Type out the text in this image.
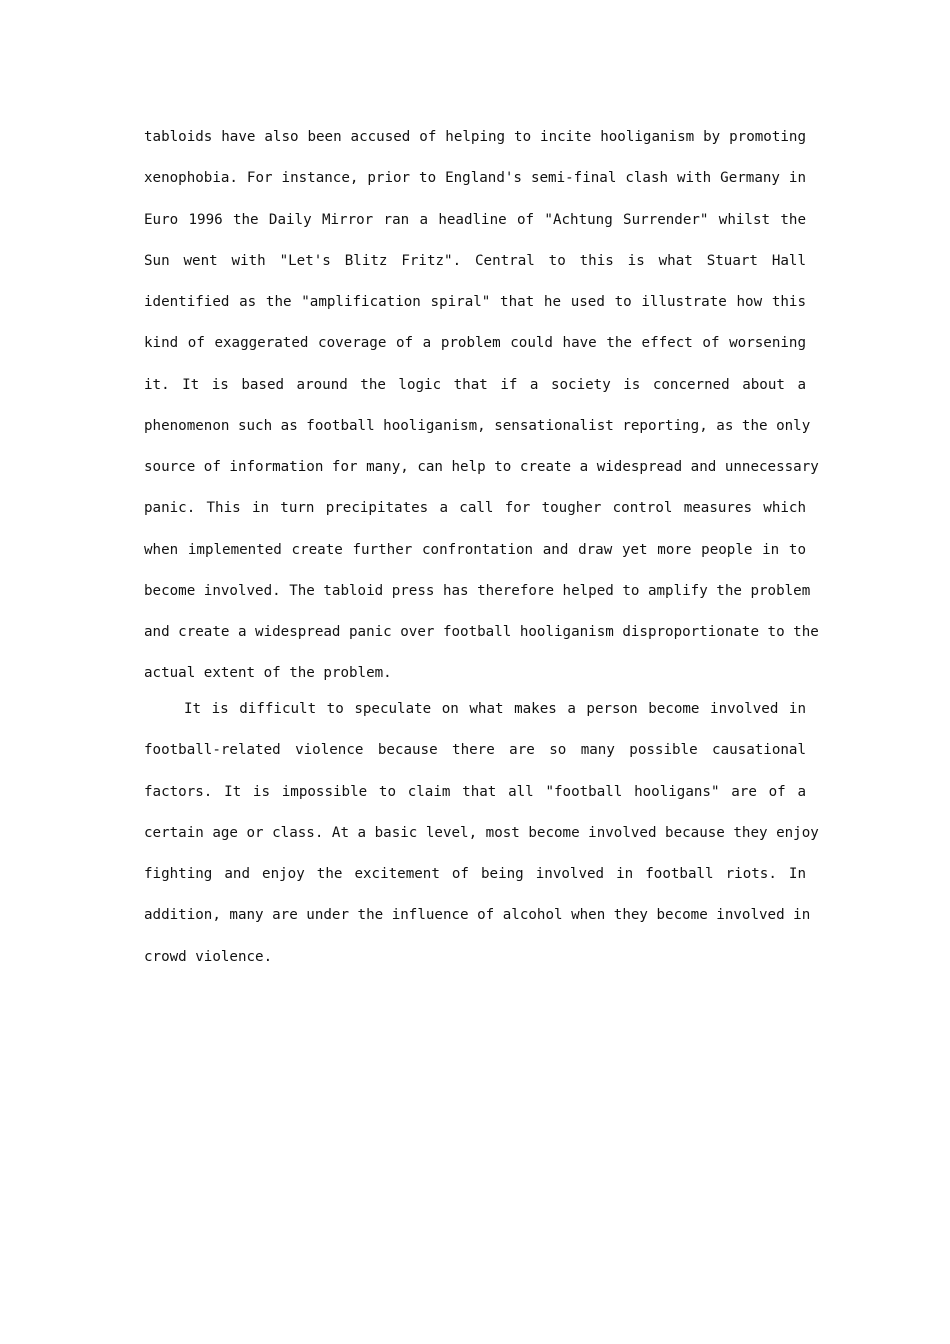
tabloids have also been accused of helping to incite hooliganism by promoting
xenophobia. For instance, prior to England's semi-final clash with Germany in
Euro 1996 the Daily Mirror ran a headline of "Achtung Surrender" whilst the
Sun went with "Let's Blitz Fritz". Central to this is what Stuart Hall
identified as the "amplification spiral" that he used to illustrate how this
kind of exaggerated coverage of a problem could have the effect of worsening
it. It is based around the logic that if a society is concerned about a
phenomenon such as football hooliganism, sensationalist reporting, as the only
source of information for many, can help to create a widespread and unnecessary
panic. This in turn precipitates a call for tougher control measures which
when implemented create further confrontation and draw yet more people in to
become involved. The tabloid press has therefore helped to amplify the problem
and create a widespread panic over football hooliganism disproportionate to the
actual extent of the problem.
It is difficult to speculate on what makes a person become involved in
football-related violence because there are so many possible causational
factors. It is impossible to claim that all "football hooligans" are of a
certain age or class. At a basic level, most become involved because they enjoy
fighting and enjoy the excitement of being involved in football riots. In
addition, many are under the influence of alcohol when they become involved in
crowd violence.
